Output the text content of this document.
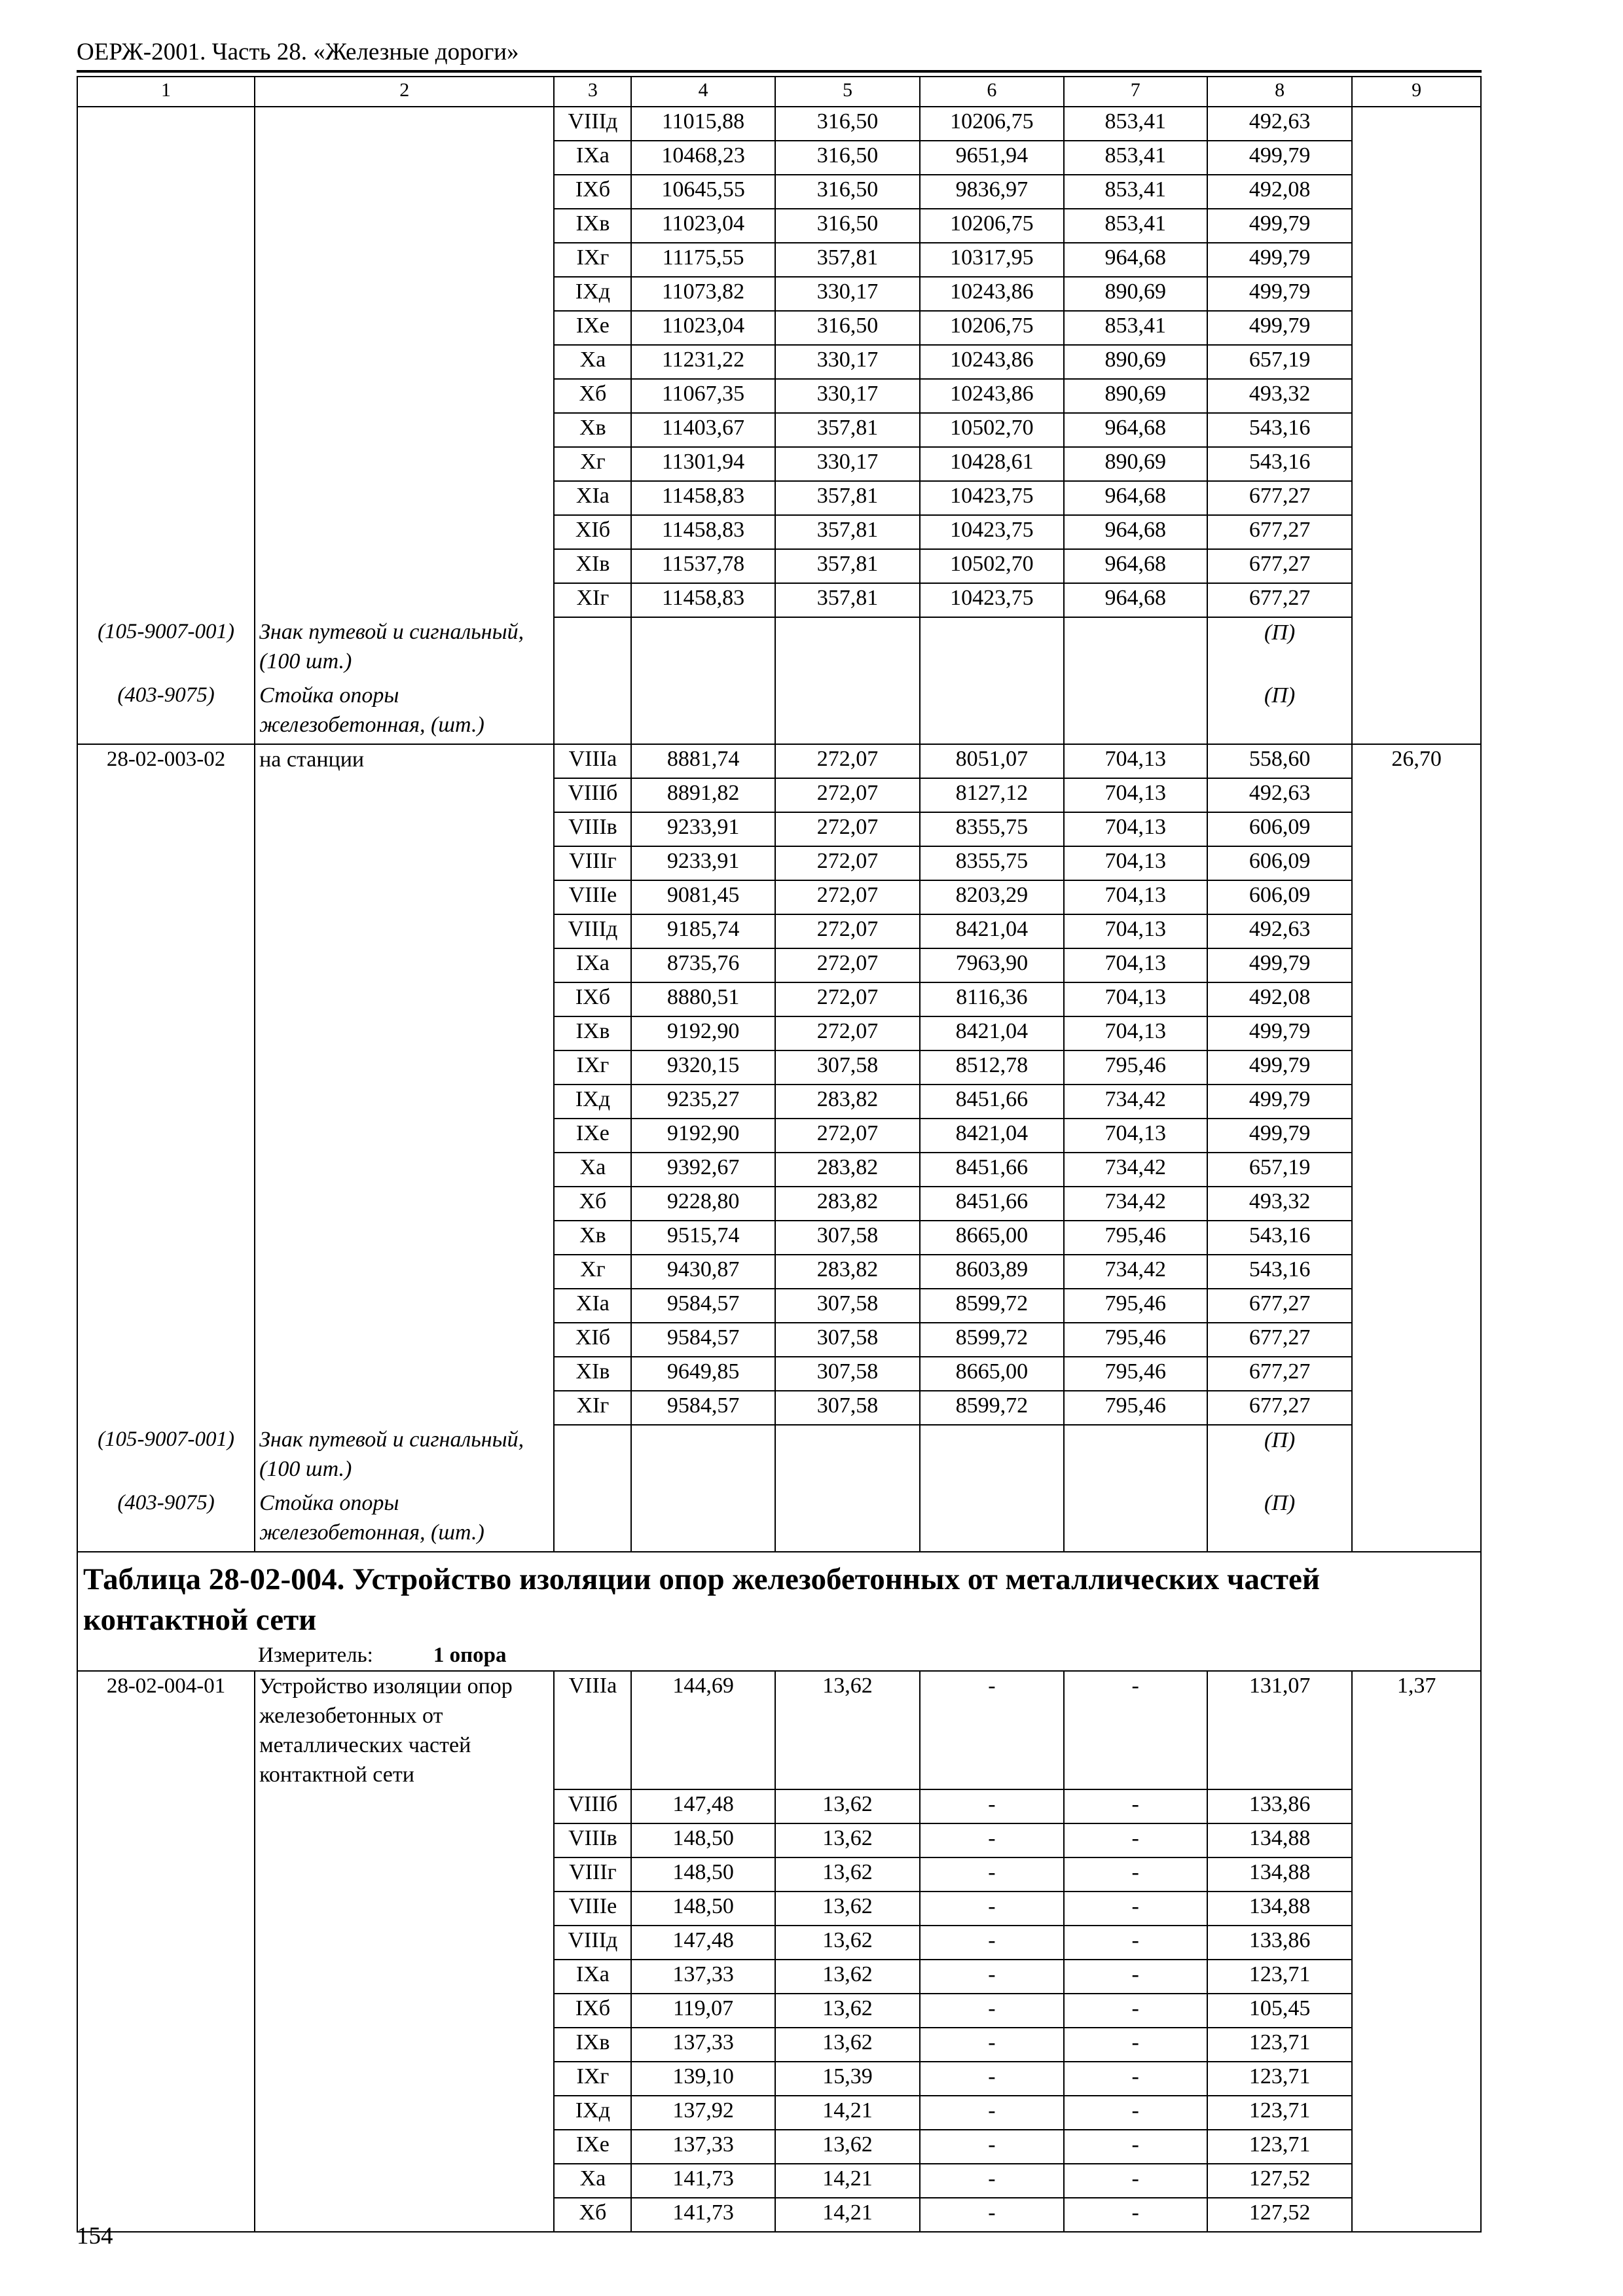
ОЕРЖ-2001. Часть 28. «Железные дороги»
1	2	3	4	5	6	7	8	9
		VIIIд	11015,88	316,50	10206,75	853,41	492,63	
		IXа	10468,23	316,50	9651,94	853,41	499,79	
		IXб	10645,55	316,50	9836,97	853,41	492,08	
		IXв	11023,04	316,50	10206,75	853,41	499,79	
		IXг	11175,55	357,81	10317,95	964,68	499,79	
		IXд	11073,82	330,17	10243,86	890,69	499,79	
		IXе	11023,04	316,50	10206,75	853,41	499,79	
		Xа	11231,22	330,17	10243,86	890,69	657,19	
		Xб	11067,35	330,17	10243,86	890,69	493,32	
		Xв	11403,67	357,81	10502,70	964,68	543,16	
		Xг	11301,94	330,17	10428,61	890,69	543,16	
		XIа	11458,83	357,81	10423,75	964,68	677,27	
		XIб	11458,83	357,81	10423,75	964,68	677,27	
		XIв	11537,78	357,81	10502,70	964,68	677,27	
		XIг	11458,83	357,81	10423,75	964,68	677,27	
(105-9007-001)	Знак путевой и сигнальный, (100 шт.)						(П)	
(403-9075)	Стойка опоры железобетонная, (шт.)						(П)	
28-02-003-02	на станции	VIIIа	8881,74	272,07	8051,07	704,13	558,60	26,70
		VIIIб	8891,82	272,07	8127,12	704,13	492,63	
		VIIIв	9233,91	272,07	8355,75	704,13	606,09	
		VIIIг	9233,91	272,07	8355,75	704,13	606,09	
		VIIIе	9081,45	272,07	8203,29	704,13	606,09	
		VIIIд	9185,74	272,07	8421,04	704,13	492,63	
		IXа	8735,76	272,07	7963,90	704,13	499,79	
		IXб	8880,51	272,07	8116,36	704,13	492,08	
		IXв	9192,90	272,07	8421,04	704,13	499,79	
		IXг	9320,15	307,58	8512,78	795,46	499,79	
		IXд	9235,27	283,82	8451,66	734,42	499,79	
		IXе	9192,90	272,07	8421,04	704,13	499,79	
		Xа	9392,67	283,82	8451,66	734,42	657,19	
		Xб	9228,80	283,82	8451,66	734,42	493,32	
		Xв	9515,74	307,58	8665,00	795,46	543,16	
		Xг	9430,87	283,82	8603,89	734,42	543,16	
		XIа	9584,57	307,58	8599,72	795,46	677,27	
		XIб	9584,57	307,58	8599,72	795,46	677,27	
		XIв	9649,85	307,58	8665,00	795,46	677,27	
		XIг	9584,57	307,58	8599,72	795,46	677,27	
(105-9007-001)	Знак путевой и сигнальный, (100 шт.)						(П)	
(403-9075)	Стойка опоры железобетонная, (шт.)						(П)	

Таблица 28-02-004. Устройство изоляции опор железобетонных от металлических частей контактной сети
Измеритель: 1 опора								

28-02-004-01	Устройство изоляции опор железобетонных от металлических частей контактной сети	VIIIа	144,69	13,62	-	-	131,07	1,37
		VIIIб	147,48	13,62	-	-	133,86	
		VIIIв	148,50	13,62	-	-	134,88	
		VIIIг	148,50	13,62	-	-	134,88	
		VIIIе	148,50	13,62	-	-	134,88	
		VIIIд	147,48	13,62	-	-	133,86	
		IXа	137,33	13,62	-	-	123,71	
		IXб	119,07	13,62	-	-	105,45	
		IXв	137,33	13,62	-	-	123,71	
		IXг	139,10	15,39	-	-	123,71	
		IXд	137,92	14,21	-	-	123,71	
		IXе	137,33	13,62	-	-	123,71	
		Xа	141,73	14,21	-	-	127,52	
		Xб	141,73	14,21	-	-	127,52	
154
